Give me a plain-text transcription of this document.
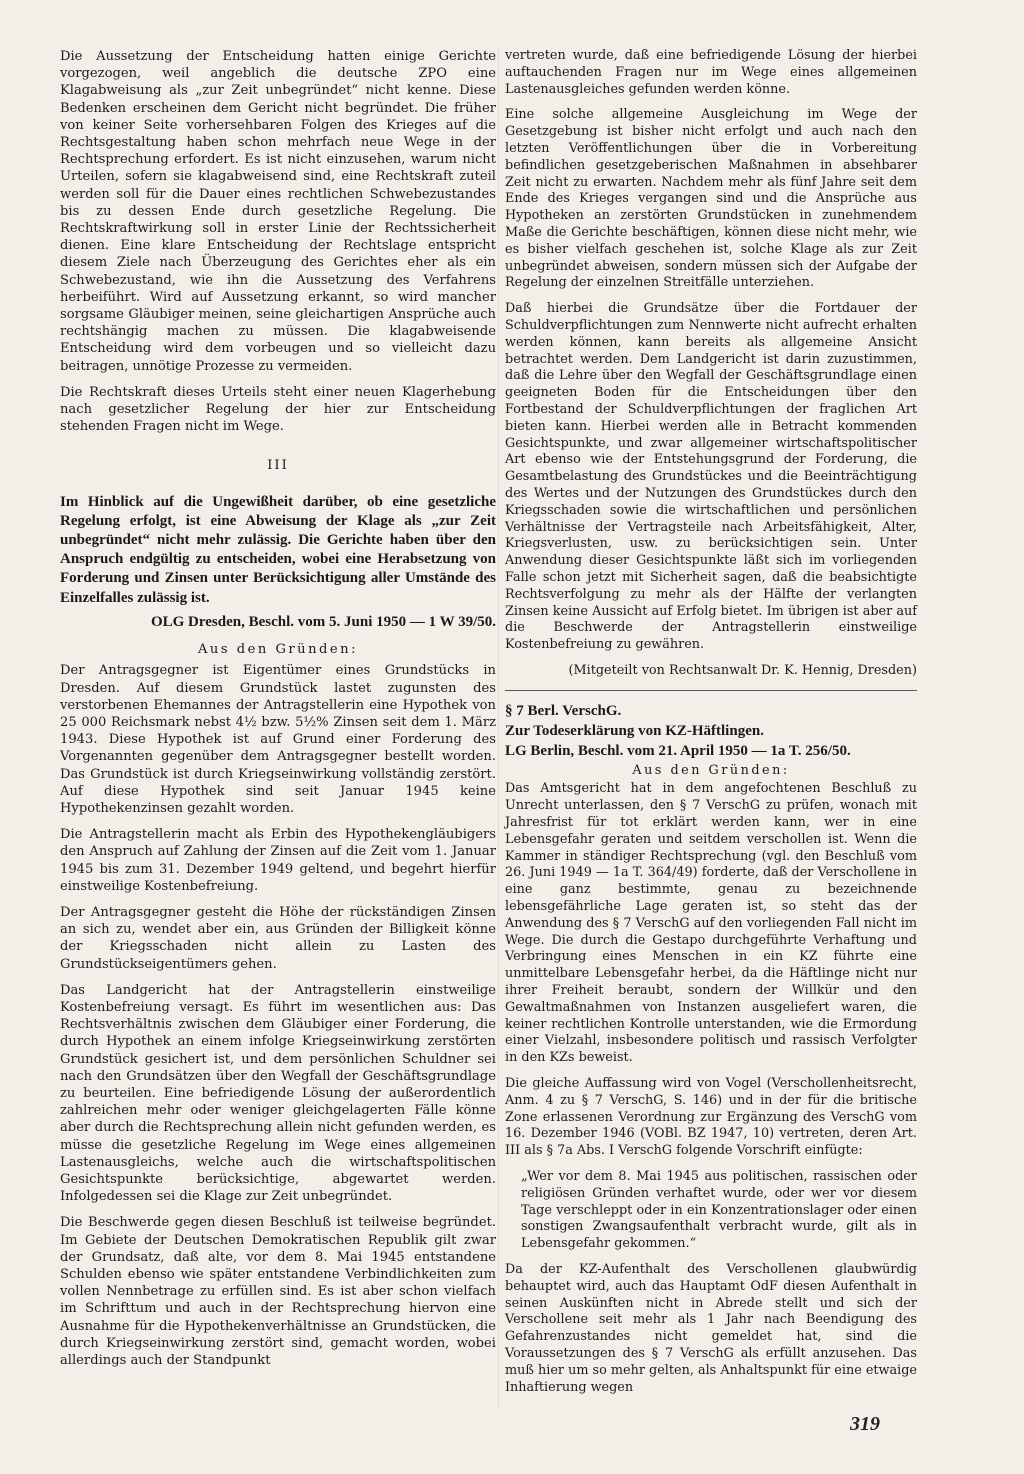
Die Aussetzung der Entscheidung hatten einige Gerichte vorgezogen, weil angeblich die deutsche ZPO eine Klagabweisung als „zur Zeit unbegründet“ nicht kenne. Diese Bedenken erscheinen dem Gericht nicht begründet. Die früher von keiner Seite vorhersehbaren Folgen des Krieges auf die Rechtsgestaltung haben schon mehrfach neue Wege in der Rechtsprechung erfordert. Es ist nicht einzusehen, warum nicht Urteilen, sofern sie klagabweisend sind, eine Rechtskraft zuteil werden soll für die Dauer eines rechtlichen Schwebezustandes bis zu dessen Ende durch gesetzliche Regelung. Die Rechtskraftwirkung soll in erster Linie der Rechtssicherheit dienen. Eine klare Entscheidung der Rechtslage entspricht diesem Ziele nach Überzeugung des Gerichtes eher als ein Schwebezustand, wie ihn die Aussetzung des Verfahrens herbeiführt. Wird auf Aussetzung erkannt, so wird mancher sorgsame Gläubiger meinen, seine gleichartigen Ansprüche auch rechtshängig machen zu müssen. Die klagabweisende Entscheidung wird dem vorbeugen und so vielleicht dazu beitragen, unnötige Prozesse zu vermeiden.

Die Rechtskraft dieses Urteils steht einer neuen Klagerhebung nach gesetzlicher Regelung der hier zur Entscheidung stehenden Fragen nicht im Wege.

III

Im Hinblick auf die Ungewißheit darüber, ob eine gesetzliche Regelung erfolgt, ist eine Abweisung der Klage als „zur Zeit unbegründet“ nicht mehr zulässig. Die Gerichte haben über den Anspruch endgültig zu entscheiden, wobei eine Herabsetzung von Forderung und Zinsen unter Berücksichtigung aller Umstände des Einzelfalles zulässig ist.

OLG Dresden, Beschl. vom 5. Juni 1950 — 1 W 39/50.

Aus den Gründen:

Der Antragsgegner ist Eigentümer eines Grundstücks in Dresden. Auf diesem Grundstück lastet zugunsten des verstorbenen Ehemannes der Antragstellerin eine Hypothek von 25 000 Reichsmark nebst 4½ bzw. 5½% Zinsen seit dem 1. März 1943. Diese Hypothek ist auf Grund einer Forderung des Vorgenannten gegenüber dem Antragsgegner bestellt worden. Das Grundstück ist durch Kriegseinwirkung vollständig zerstört. Auf diese Hypothek sind seit Januar 1945 keine Hypothekenzinsen gezahlt worden.

Die Antragstellerin macht als Erbin des Hypothekengläubigers den Anspruch auf Zahlung der Zinsen auf die Zeit vom 1. Januar 1945 bis zum 31. Dezember 1949 geltend, und begehrt hierfür einstweilige Kostenbefreiung.

Der Antragsgegner gesteht die Höhe der rückständigen Zinsen an sich zu, wendet aber ein, aus Gründen der Billigkeit könne der Kriegsschaden nicht allein zu Lasten des Grundstückseigentümers gehen.

Das Landgericht hat der Antragstellerin einstweilige Kostenbefreiung versagt. Es führt im wesentlichen aus: Das Rechtsverhältnis zwischen dem Gläubiger einer Forderung, die durch Hypothek an einem infolge Kriegseinwirkung zerstörten Grundstück gesichert ist, und dem persönlichen Schuldner sei nach den Grundsätzen über den Wegfall der Geschäftsgrundlage zu beurteilen. Eine befriedigende Lösung der außerordentlich zahlreichen mehr oder weniger gleichgelagerten Fälle könne aber durch die Rechtsprechung allein nicht gefunden werden, es müsse die gesetzliche Regelung im Wege eines allgemeinen Lastenausgleichs, welche auch die wirtschaftspolitischen Gesichtspunkte berücksichtige, abgewartet werden. Infolgedessen sei die Klage zur Zeit unbegründet.

Die Beschwerde gegen diesen Beschluß ist teilweise begründet. Im Gebiete der Deutschen Demokratischen Republik gilt zwar der Grundsatz, daß alte, vor dem 8. Mai 1945 entstandene Schulden ebenso wie später entstandene Verbindlichkeiten zum vollen Nennbetrage zu erfüllen sind. Es ist aber schon vielfach im Schrifttum und auch in der Rechtsprechung hiervon eine Ausnahme für die Hypothekenverhältnisse an Grundstücken, die durch Kriegseinwirkung zerstört sind, gemacht worden, wobei allerdings auch der Standpunkt

vertreten wurde, daß eine befriedigende Lösung der hierbei auftauchenden Fragen nur im Wege eines allgemeinen Lastenausgleiches gefunden werden könne.

Eine solche allgemeine Ausgleichung im Wege der Gesetzgebung ist bisher nicht erfolgt und auch nach den letzten Veröffentlichungen über die in Vorbereitung befindlichen gesetzgeberischen Maßnahmen in absehbarer Zeit nicht zu erwarten. Nachdem mehr als fünf Jahre seit dem Ende des Krieges vergangen sind und die Ansprüche aus Hypotheken an zerstörten Grundstücken in zunehmendem Maße die Gerichte beschäftigen, können diese nicht mehr, wie es bisher vielfach geschehen ist, solche Klage als zur Zeit unbegründet abweisen, sondern müssen sich der Aufgabe der Regelung der einzelnen Streitfälle unterziehen.

Daß hierbei die Grundsätze über die Fortdauer der Schuldverpflichtungen zum Nennwerte nicht aufrecht erhalten werden können, kann bereits als allgemeine Ansicht betrachtet werden. Dem Landgericht ist darin zuzustimmen, daß die Lehre über den Wegfall der Geschäftsgrundlage einen geeigneten Boden für die Entscheidungen über den Fortbestand der Schuldverpflichtungen der fraglichen Art bieten kann. Hierbei werden alle in Betracht kommenden Gesichtspunkte, und zwar allgemeiner wirtschaftspolitischer Art ebenso wie der Entstehungsgrund der Forderung, die Gesamtbelastung des Grundstückes und die Beeinträchtigung des Wertes und der Nutzungen des Grundstückes durch den Kriegsschaden sowie die wirtschaftlichen und persönlichen Verhältnisse der Vertragsteile nach Arbeitsfähigkeit, Alter, Kriegsverlusten, usw. zu berücksichtigen sein. Unter Anwendung dieser Gesichtspunkte läßt sich im vorliegenden Falle schon jetzt mit Sicherheit sagen, daß die beabsichtigte Rechtsverfolgung zu mehr als der Hälfte der verlangten Zinsen keine Aussicht auf Erfolg bietet. Im übrigen ist aber auf die Beschwerde der Antragstellerin einstweilige Kostenbefreiung zu gewähren.

(Mitgeteilt von Rechtsanwalt Dr. K. Hennig, Dresden)

§ 7 Berl. VerschG.

Zur Todeserklärung von KZ-Häftlingen.

LG Berlin, Beschl. vom 21. April 1950 — 1a T. 256/50.

Aus den Gründen:

Das Amtsgericht hat in dem angefochtenen Beschluß zu Unrecht unterlassen, den § 7 VerschG zu prüfen, wonach mit Jahresfrist für tot erklärt werden kann, wer in eine Lebensgefahr geraten und seitdem verschollen ist. Wenn die Kammer in ständiger Rechtsprechung (vgl. den Beschluß vom 26. Juni 1949 — 1a T. 364/49) forderte, daß der Verschollene in eine ganz bestimmte, genau zu bezeichnende lebensgefährliche Lage geraten ist, so steht das der Anwendung des § 7 VerschG auf den vorliegenden Fall nicht im Wege. Die durch die Gestapo durchgeführte Verhaftung und Verbringung eines Menschen in ein KZ führte eine unmittelbare Lebensgefahr herbei, da die Häftlinge nicht nur ihrer Freiheit beraubt, sondern der Willkür und den Gewaltmaßnahmen von Instanzen ausgeliefert waren, die keiner rechtlichen Kontrolle unterstanden, wie die Ermordung einer Vielzahl, insbesondere politisch und rassisch Verfolgter in den KZs beweist.

Die gleiche Auffassung wird von Vogel (Verschollenheitsrecht, Anm. 4 zu § 7 VerschG, S. 146) und in der für die britische Zone erlassenen Verordnung zur Ergänzung des VerschG vom 16. Dezember 1946 (VOBl. BZ 1947, 10) vertreten, deren Art. III als § 7a Abs. I VerschG folgende Vorschrift einfügte:

„Wer vor dem 8. Mai 1945 aus politischen, rassischen oder religiösen Gründen verhaftet wurde, oder wer vor diesem Tage verschleppt oder in ein Konzentrationslager oder einen sonstigen Zwangsaufenthalt verbracht wurde, gilt als in Lebensgefahr gekommen.“

Da der KZ-Aufenthalt des Verschollenen glaubwürdig behauptet wird, auch das Hauptamt OdF diesen Aufenthalt in seinen Auskünften nicht in Abrede stellt und sich der Verschollene seit mehr als 1 Jahr nach Beendigung des Gefahrenzustandes nicht gemeldet hat, sind die Voraussetzungen des § 7 VerschG als erfüllt anzusehen. Das muß hier um so mehr gelten, als Anhaltspunkt für eine etwaige Inhaftierung wegen

319
